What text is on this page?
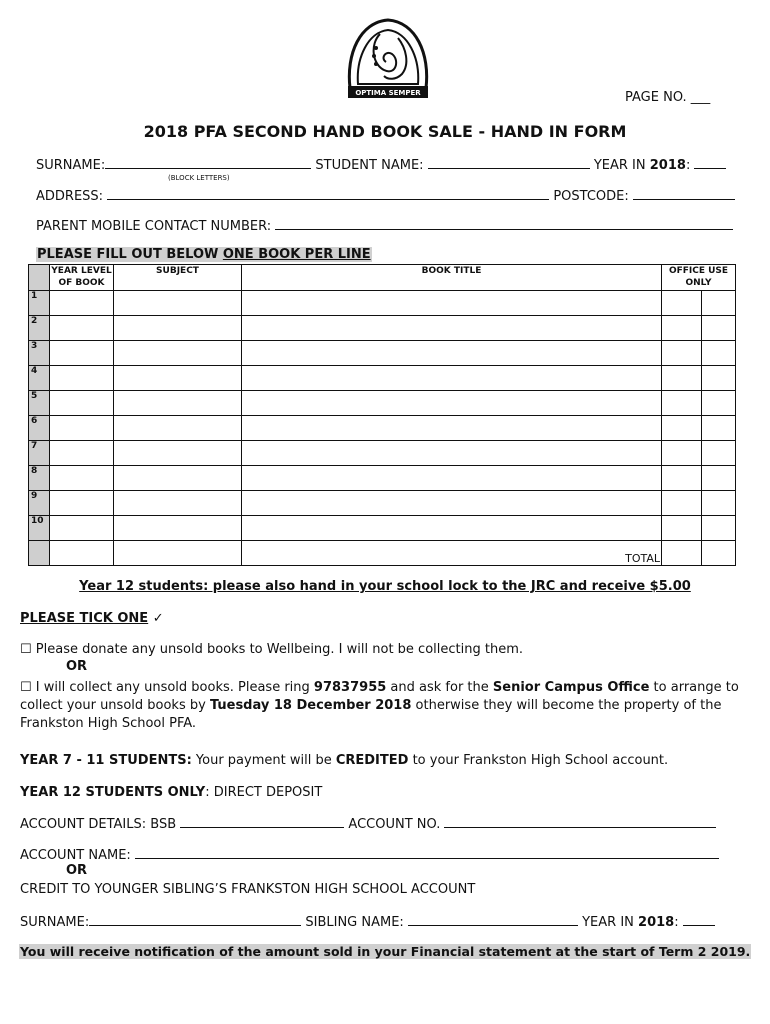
OPTIMA SEMPER	PAGE NO. ___
2018 PFA SECOND HAND BOOK SALE - HAND IN FORM
SURNAME:	STUDENT NAME:	YEAR IN 2018:
(BLOCK LETTERS)
ADDRESS:	POSTCODE:
PARENT MOBILE CONTACT NUMBER:
PLEASE FILL OUT BELOW ONE BOOK PER LINE
	YEAR LEVEL OF BOOK	SUBJECT	BOOK TITLE	OFFICE USE ONLY	
1					
2					
3					
4					
5					
6					
7					
8					
9					
10					
			TOTAL		
Year 12 students: please also hand in your school lock to the JRC and receive $5.00
PLEASE TICK ONE ✓
☐ Please donate any unsold books to Wellbeing. I will not be collecting them.
OR
☐ I will collect any unsold books. Please ring 97837955 and ask for the Senior Campus Office to arrange to
collect your unsold books by Tuesday 18 December 2018 otherwise they will become the property of the
Frankston High School PFA.
YEAR 7 - 11 STUDENTS: Your payment will be CREDITED to your Frankston High School account.
YEAR 12 STUDENTS ONLY: DIRECT DEPOSIT
ACCOUNT DETAILS: BSB	ACCOUNT NO.
ACCOUNT NAME:
OR
CREDIT TO YOUNGER SIBLING’S FRANKSTON HIGH SCHOOL ACCOUNT
SURNAME:	SIBLING NAME:	YEAR IN 2018:
You will receive notification of the amount sold in your Financial statement at the start of Term 2 2019.
